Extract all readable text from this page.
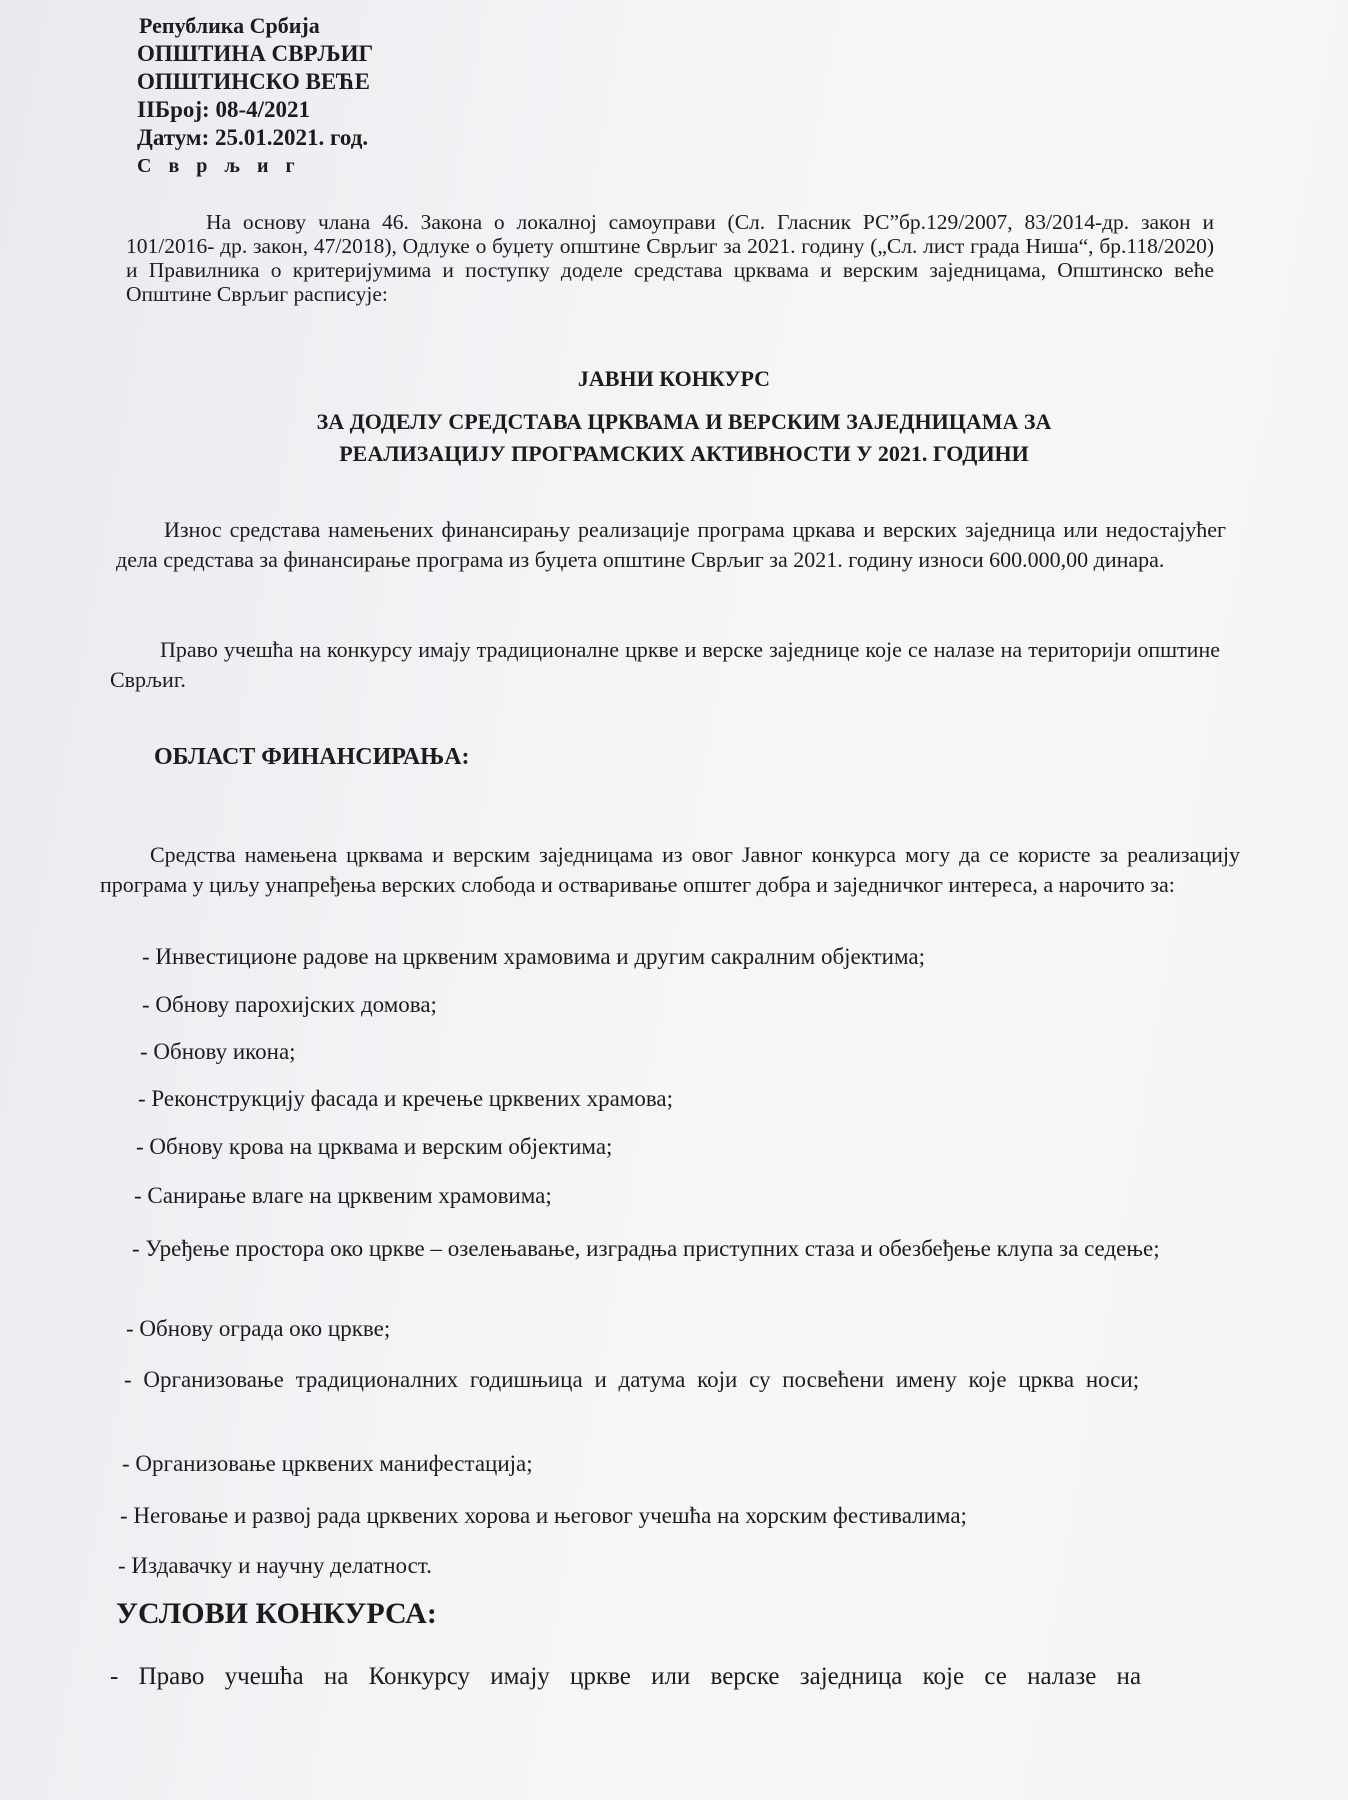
Република Србија
ОПШТИНА СВРЉИГ
ОПШТИНСКО ВЕЋЕ
ІІБрој: 08-4/2021
Датум: 25.01.2021. год.
С в р љ и г
На основу члана 46. Закона о локалној самоуправи (Сл. Гласник РС”бр.129/2007, 83/2014-др. закон и 101/2016- др. закон, 47/2018), Одлуке о буџету општине Сврљиг за 2021. годину („Сл. лист града Ниша“, бр.118/2020) и Правилника о критеријумима и поступку доделе средстава црквама и верским заједницама, Општинско веће Општине Сврљиг расписује:
ЈАВНИ КОНКУРС
ЗА ДОДЕЛУ СРЕДСТАВА ЦРКВАМА И ВЕРСКИМ ЗАЈЕДНИЦАМА ЗА
РЕАЛИЗАЦИЈУ ПРОГРАМСКИХ АКТИВНОСТИ У 2021. ГОДИНИ
Износ средстава намењених финансирању реализације програма цркава и верских заједница или недостајућег дела средстава за финансирање програма из буџета општине Сврљиг за 2021. годину износи 600.000,00 динара.
Право учешћа на конкурсу имају традиционалне цркве и верске заједнице које се налазе на територији општине Сврљиг.
ОБЛАСТ ФИНАНСИРАЊА:
Средства намењена црквама и верским заједницама из овог Јавног конкурса могу да се користе за реализацију програма у циљу унапређења верских слобода и остваривање општег добра и заједничког интереса, а нарочито за:
- Инвестиционе радове на црквеним храмовима и другим сакралним објектима;
- Обнову парохијских домова;
- Обнову икона;
- Реконструкцију фасада и кречење црквених храмова;
- Обнову крова на црквама и верским објектима;
- Санирање влаге на црквеним храмовима;
- Уређење простора око цркве – озелењавање, изградња приступних стаза и обезбеђење клупа за седење;
- Обнову ограда око цркве;
- Организовање традиционалних годишњица и датума који су посвећени имену које црква носи;
- Организовање црквених манифестација;
- Неговање и развој рада црквених хорова и његовог учешћа на хорским фестивалима;
- Издавачку и научну делатност.
УСЛОВИ КОНКУРСА:
- Право учешћа на Конкурсу имају цркве или верске заједница које се налазе на
